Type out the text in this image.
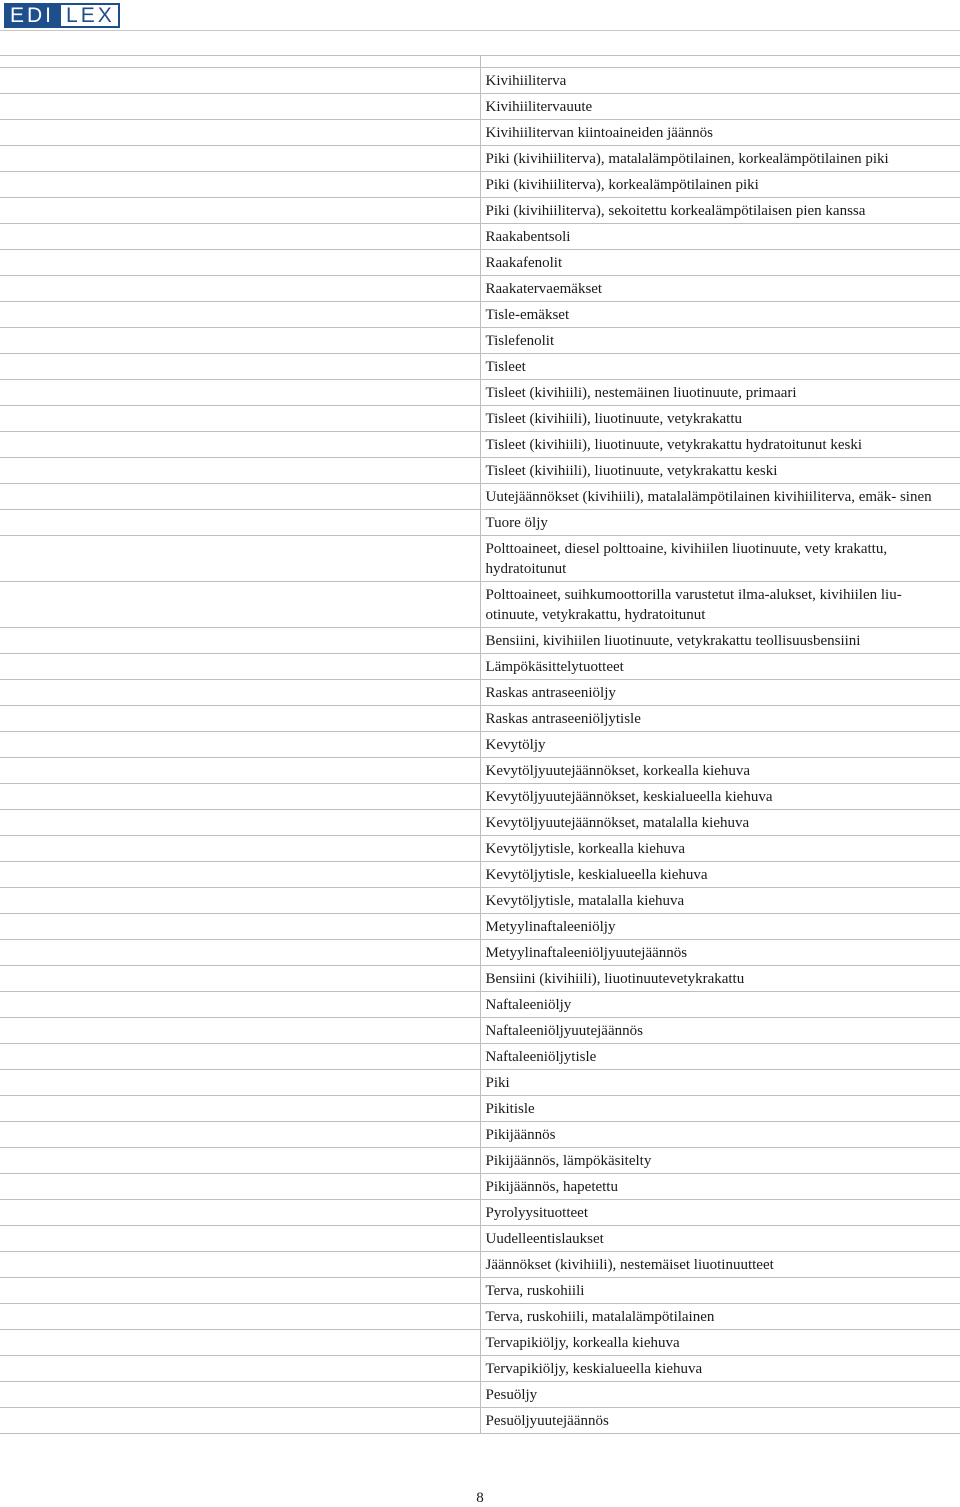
EDI LEX

	Kivihiiliterva
	Kivihiilitervauute
	Kivihiilitervan kiintoaineiden jäännös
	Piki (kivihiiliterva), matalalämpötilainen, korkealämpötilainen piki
	Piki (kivihiiliterva), korkealämpötilainen piki
	Piki (kivihiiliterva), sekoitettu korkealämpötilaisen pien kanssa
	Raakabentsoli
	Raakafenolit
	Raakatervaemäkset
	Tisle-emäkset
	Tislefenolit
	Tisleet
	Tisleet (kivihiili), nestemäinen liuotinuute, primaari
	Tisleet (kivihiili), liuotinuute, vetykrakattu
	Tisleet (kivihiili), liuotinuute, vetykrakattu hydratoitunut keski
	Tisleet (kivihiili), liuotinuute, vetykrakattu keski
	Uutejäännökset (kivihiili), matalalämpötilainen kivihiiliterva, emäk- sinen
	Tuore öljy
	Polttoaineet, diesel polttoaine, kivihiilen liuotinuute, vety krakattu, hydratoitunut
	Polttoaineet, suihkumoottorilla varustetut ilma-alukset, kivihiilen liu- otinuute, vetykrakattu, hydratoitunut
	Bensiini, kivihiilen liuotinuute, vetykrakattu teollisuusbensiini
	Lämpökäsittelytuotteet
	Raskas antraseeniöljy
	Raskas antraseeniöljytisle
	Kevytöljy
	Kevytöljyuutejäännökset, korkealla kiehuva
	Kevytöljyuutejäännökset, keskialueella kiehuva
	Kevytöljyuutejäännökset, matalalla kiehuva
	Kevytöljytisle, korkealla kiehuva
	Kevytöljytisle, keskialueella kiehuva
	Kevytöljytisle, matalalla kiehuva
	Metyylinaftaleeniöljy
	Metyylinaftaleeniöljyuutejäännös
	Bensiini (kivihiili), liuotinuutevetykrakattu
	Naftaleeniöljy
	Naftaleeniöljyuutejäännös
	Naftaleeniöljytisle
	Piki
	Pikitisle
	Pikijäännös
	Pikijäännös, lämpökäsitelty
	Pikijäännös, hapetettu
	Pyrolyysituotteet
	Uudelleentislaukset
	Jäännökset (kivihiili), nestemäiset liuotinuutteet
	Terva, ruskohiili
	Terva, ruskohiili, matalalämpötilainen
	Tervapikiöljy, korkealla kiehuva
	Tervapikiöljy, keskialueella kiehuva
	Pesuöljy
	Pesuöljyuutejäännös
8
